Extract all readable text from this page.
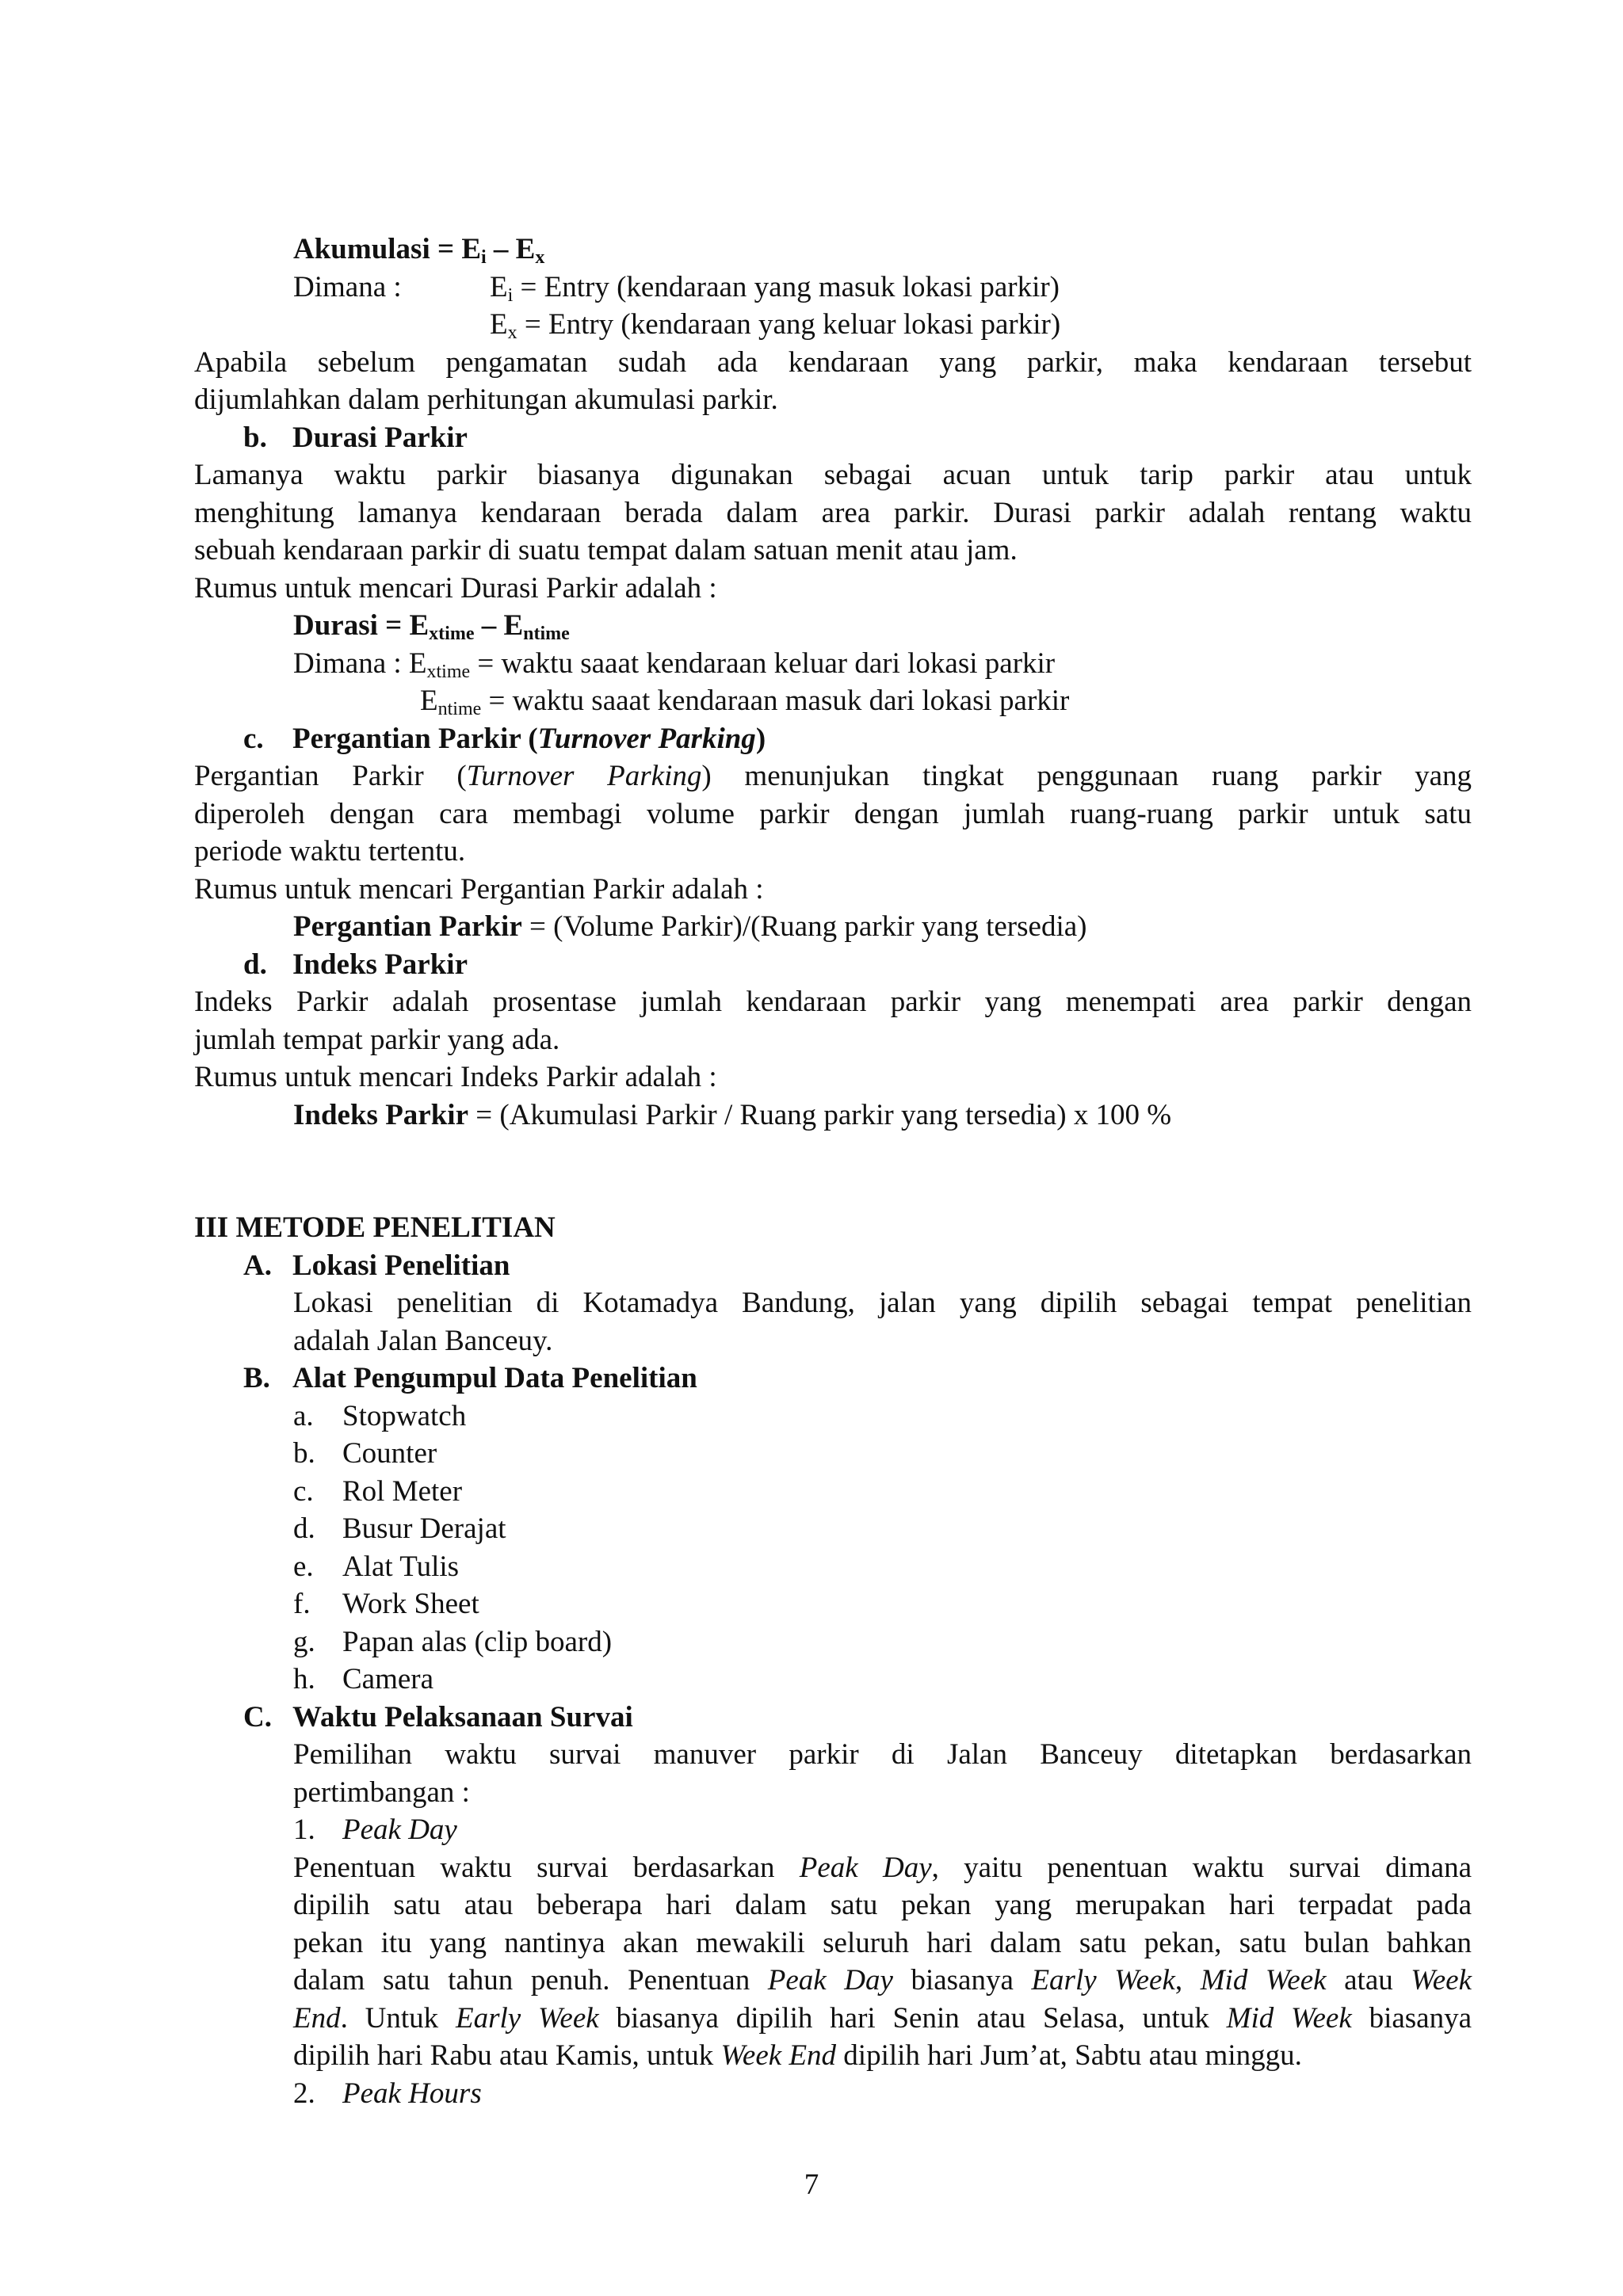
Akumulasi = $E_i - E_x$
Dimana :	$E_i$ = Entry (kendaraan yang masuk lokasi parkir)
$E_x$ = Entry (kendaraan yang keluar lokasi parkir)
Apabila sebelum pengamatan sudah ada kendaraan yang parkir, maka kendaraan tersebut
dijumlahkan dalam perhitungan akumulasi parkir.
b. Durasi Parkir
Lamanya waktu parkir biasanya digunakan sebagai acuan untuk tarip parkir atau untuk
menghitung lamanya kendaraan berada dalam area parkir. Durasi parkir adalah rentang waktu
sebuah kendaraan parkir di suatu tempat dalam satuan menit atau jam.
Rumus untuk mencari Durasi Parkir adalah :
Durasi = $E_{xtime} - E_{ntime}$
Dimana : $E_{xtime}$ = waktu saaat kendaraan keluar dari lokasi parkir
$E_{ntime}$ = waktu saaat kendaraan masuk dari lokasi parkir
c. Pergantian Parkir (Turnover Parking)
Pergantian Parkir (Turnover Parking) menunjukan tingkat penggunaan ruang parkir yang
diperoleh dengan cara membagi volume parkir dengan jumlah ruang-ruang parkir untuk satu
periode waktu tertentu.
Rumus untuk mencari Pergantian Parkir adalah :
Pergantian Parkir = (Volume Parkir)/(Ruang parkir yang tersedia)
d. Indeks Parkir
Indeks Parkir adalah prosentase jumlah kendaraan parkir yang menempati area parkir dengan
jumlah tempat parkir yang ada.
Rumus untuk mencari Indeks Parkir adalah :
Indeks Parkir = (Akumulasi Parkir / Ruang parkir yang tersedia) x 100 %
III METODE PENELITIAN
A. Lokasi Penelitian
Lokasi penelitian di Kotamadya Bandung, jalan yang dipilih sebagai tempat penelitian
adalah Jalan Banceuy.
B. Alat Pengumpul Data Penelitian
a. Stopwatch
b. Counter
c. Rol Meter
d. Busur Derajat
e. Alat Tulis
f. Work Sheet
g. Papan alas (clip board)
h. Camera
C. Waktu Pelaksanaan Survai
Pemilihan waktu survai manuver parkir di Jalan Banceuy ditetapkan berdasarkan
pertimbangan :
1. Peak Day
Penentuan waktu survai berdasarkan Peak Day, yaitu penentuan waktu survai dimana
dipilih satu atau beberapa hari dalam satu pekan yang merupakan hari terpadat pada
pekan itu yang nantinya akan mewakili seluruh hari dalam satu pekan, satu bulan bahkan
dalam satu tahun penuh. Penentuan Peak Day biasanya Early Week, Mid Week atau Week
End. Untuk Early Week biasanya dipilih hari Senin atau Selasa, untuk Mid Week biasanya
dipilih hari Rabu atau Kamis, untuk Week End dipilih hari Jum’at, Sabtu atau minggu.
2. Peak Hours
7
